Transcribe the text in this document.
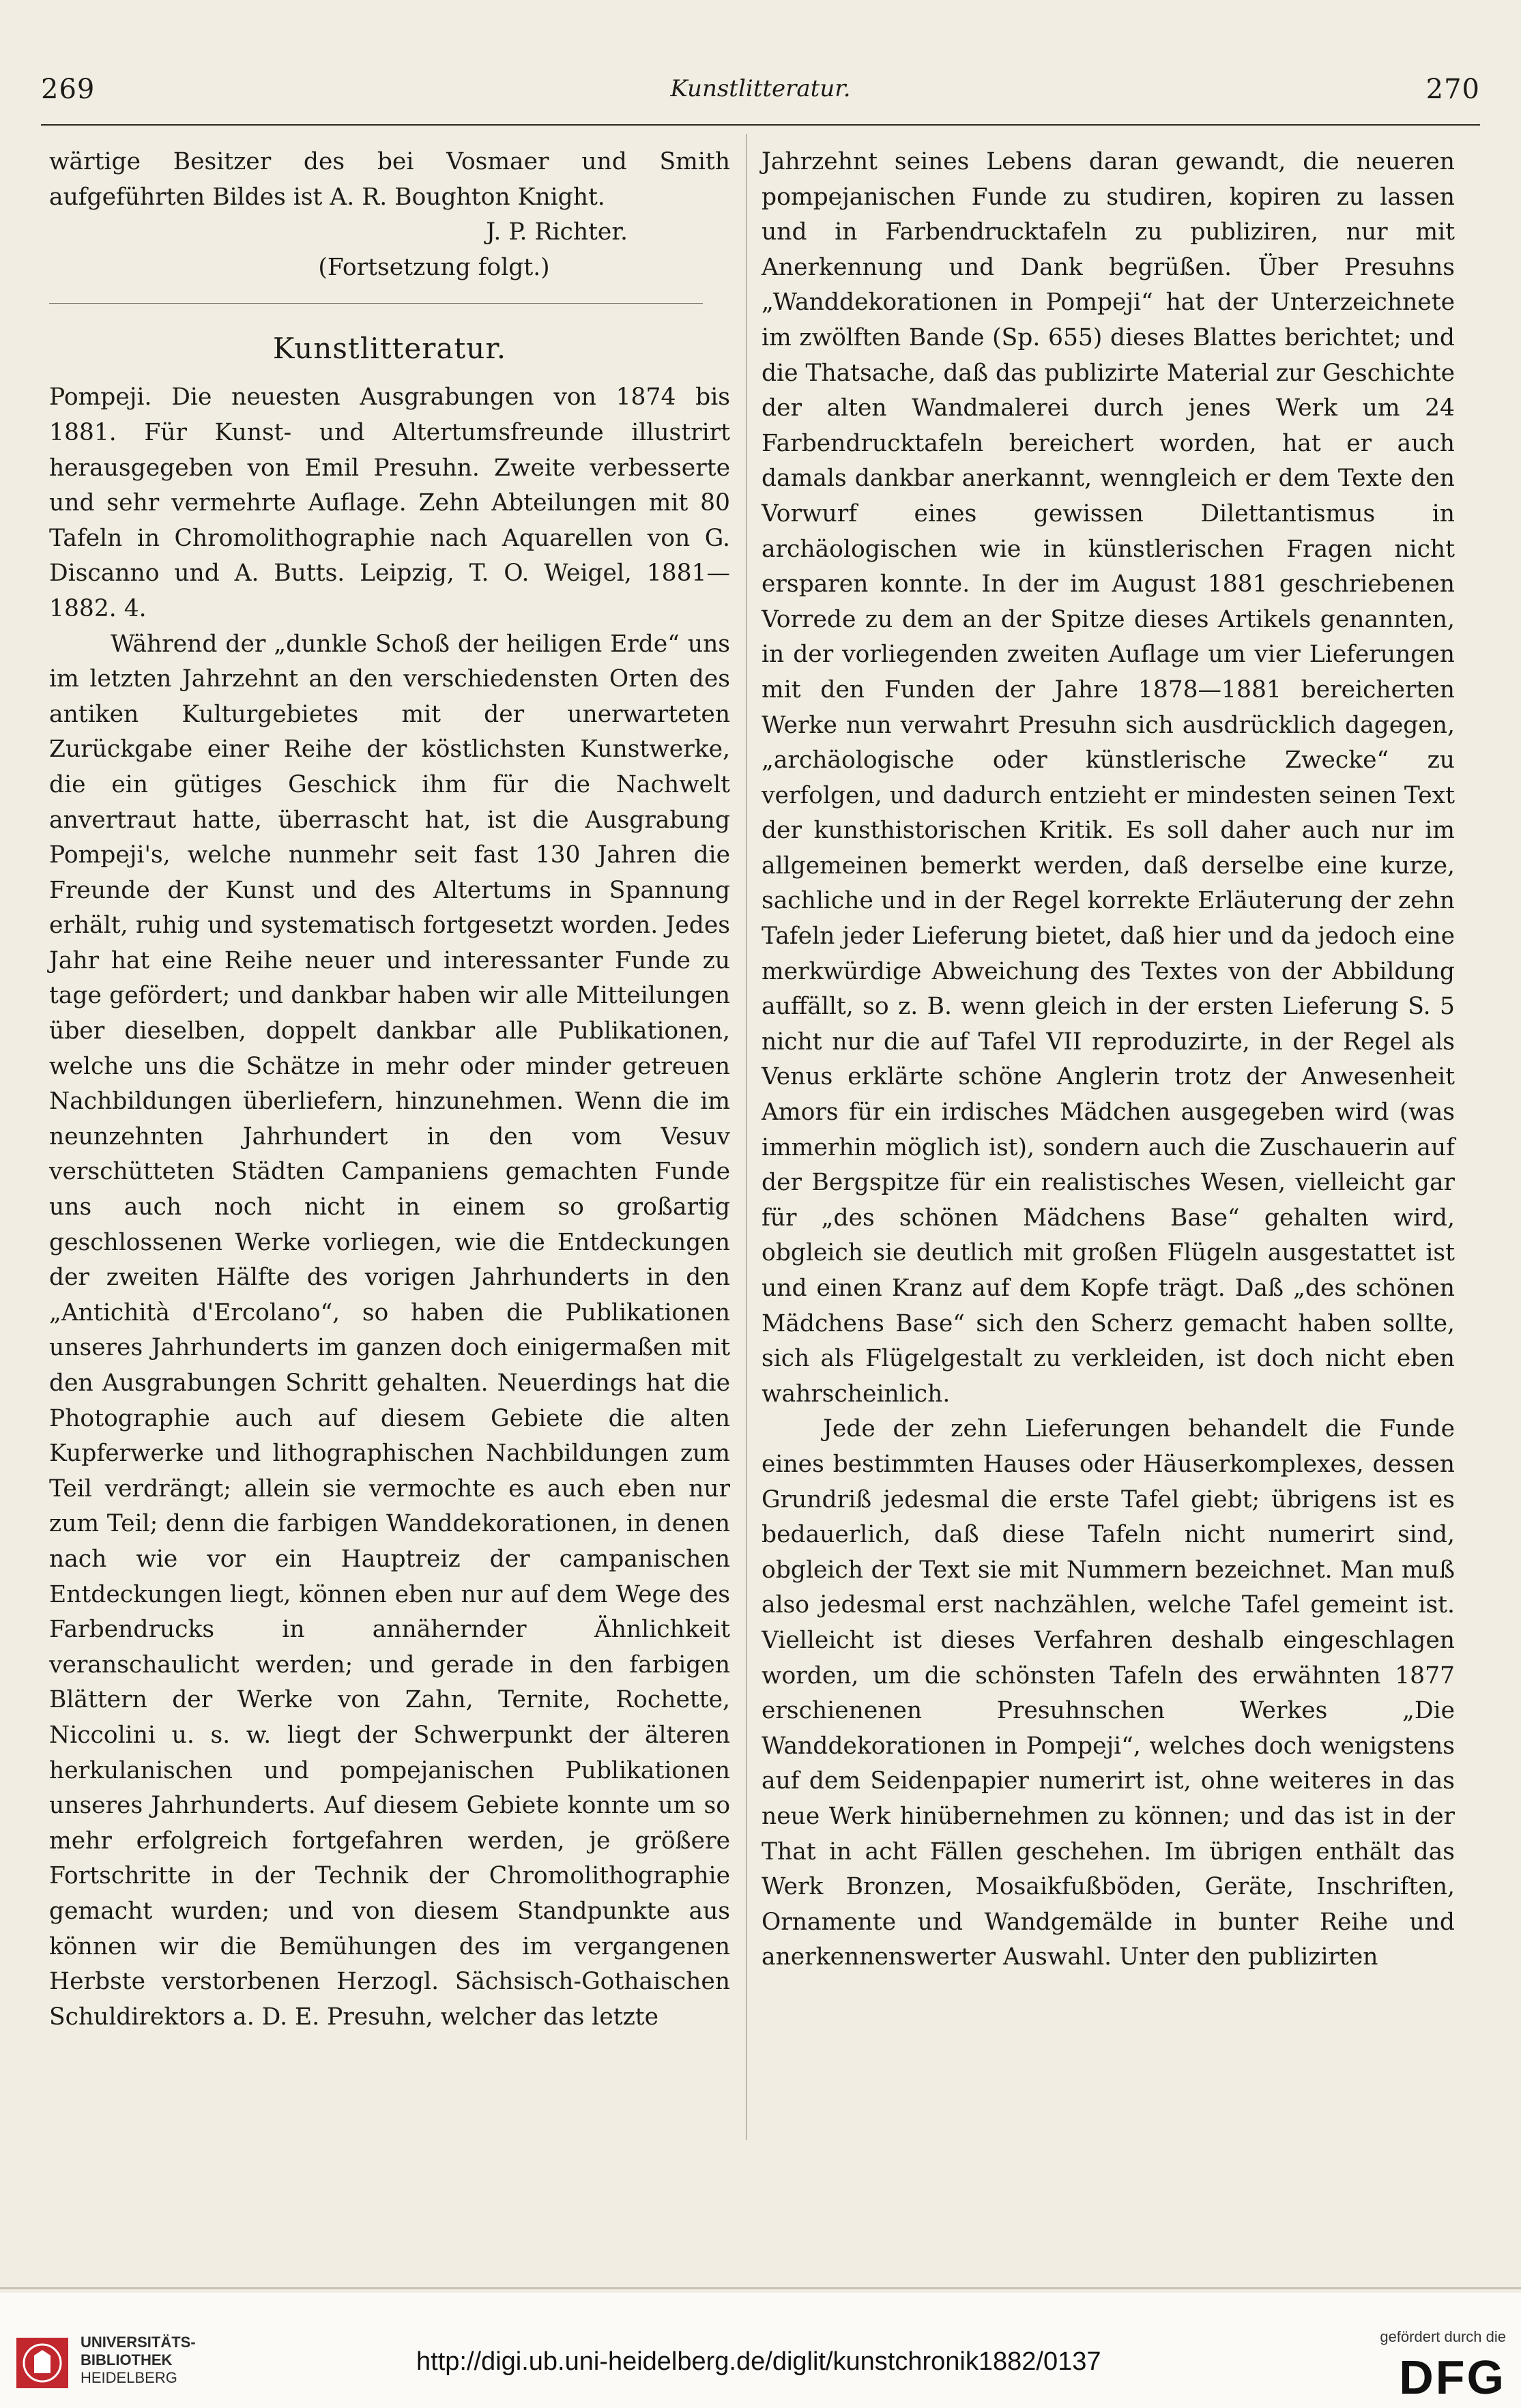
269	Kunstlitteratur.	270

wärtige Besitzer des bei Vosmaer und Smith aufgeführten Bildes ist A. R. Boughton Knight.

J. P. Richter.

(Fortsetzung folgt.)

Kunstlitteratur.

Pompeji. Die neuesten Ausgrabungen von 1874 bis 1881. Für Kunst- und Altertumsfreunde illustrirt herausgegeben von Emil Presuhn. Zweite verbesserte und sehr vermehrte Auflage. Zehn Abteilungen mit 80 Tafeln in Chromolithographie nach Aquarellen von G. Discanno und A. Butts. Leipzig, T. O. Weigel, 1881—1882. 4.

Während der „dunkle Schoß der heiligen Erde“ uns im letzten Jahrzehnt an den verschiedensten Orten des antiken Kulturgebietes mit der unerwarteten Zurückgabe einer Reihe der köstlichsten Kunstwerke, die ein gütiges Geschick ihm für die Nachwelt anvertraut hatte, überrascht hat, ist die Ausgrabung Pompeji's, welche nunmehr seit fast 130 Jahren die Freunde der Kunst und des Altertums in Spannung erhält, ruhig und systematisch fortgesetzt worden. Jedes Jahr hat eine Reihe neuer und interessanter Funde zu tage gefördert; und dankbar haben wir alle Mitteilungen über dieselben, doppelt dankbar alle Publikationen, welche uns die Schätze in mehr oder minder getreuen Nachbildungen überliefern, hinzunehmen. Wenn die im neunzehnten Jahrhundert in den vom Vesuv verschütteten Städten Campaniens gemachten Funde uns auch noch nicht in einem so großartig geschlossenen Werke vorliegen, wie die Entdeckungen der zweiten Hälfte des vorigen Jahrhunderts in den „Antichità d'Ercolano“, so haben die Publikationen unseres Jahrhunderts im ganzen doch einigermaßen mit den Ausgrabungen Schritt gehalten. Neuerdings hat die Photographie auch auf diesem Gebiete die alten Kupferwerke und lithographischen Nachbildungen zum Teil verdrängt; allein sie vermochte es auch eben nur zum Teil; denn die farbigen Wanddekorationen, in denen nach wie vor ein Hauptreiz der campanischen Entdeckungen liegt, können eben nur auf dem Wege des Farbendrucks in annähernder Ähnlichkeit veranschaulicht werden; und gerade in den farbigen Blättern der Werke von Zahn, Ternite, Rochette, Niccolini u. s. w. liegt der Schwerpunkt der älteren herkulanischen und pompejanischen Publikationen unseres Jahrhunderts. Auf diesem Gebiete konnte um so mehr erfolgreich fortgefahren werden, je größere Fortschritte in der Technik der Chromolithographie gemacht wurden; und von diesem Standpunkte aus können wir die Bemühungen des im vergangenen Herbste verstorbenen Herzogl. Sächsisch-Gothaischen Schuldirektors a. D. E. Presuhn, welcher das letzte

Jahrzehnt seines Lebens daran gewandt, die neueren pompejanischen Funde zu studiren, kopiren zu lassen und in Farbendrucktafeln zu publiziren, nur mit Anerkennung und Dank begrüßen. Über Presuhns „Wanddekorationen in Pompeji“ hat der Unterzeichnete im zwölften Bande (Sp. 655) dieses Blattes berichtet; und die Thatsache, daß das publizirte Material zur Geschichte der alten Wandmalerei durch jenes Werk um 24 Farbendrucktafeln bereichert worden, hat er auch damals dankbar anerkannt, wenngleich er dem Texte den Vorwurf eines gewissen Dilettantismus in archäologischen wie in künstlerischen Fragen nicht ersparen konnte. In der im August 1881 geschriebenen Vorrede zu dem an der Spitze dieses Artikels genannten, in der vorliegenden zweiten Auflage um vier Lieferungen mit den Funden der Jahre 1878—1881 bereicherten Werke nun verwahrt Presuhn sich ausdrücklich dagegen, „archäologische oder künstlerische Zwecke“ zu verfolgen, und dadurch entzieht er mindesten seinen Text der kunsthistorischen Kritik. Es soll daher auch nur im allgemeinen bemerkt werden, daß derselbe eine kurze, sachliche und in der Regel korrekte Erläuterung der zehn Tafeln jeder Lieferung bietet, daß hier und da jedoch eine merkwürdige Abweichung des Textes von der Abbildung auffällt, so z. B. wenn gleich in der ersten Lieferung S. 5 nicht nur die auf Tafel VII reproduzirte, in der Regel als Venus erklärte schöne Anglerin trotz der Anwesenheit Amors für ein irdisches Mädchen ausgegeben wird (was immerhin möglich ist), sondern auch die Zuschauerin auf der Bergspitze für ein realistisches Wesen, vielleicht gar für „des schönen Mädchens Base“ gehalten wird, obgleich sie deutlich mit großen Flügeln ausgestattet ist und einen Kranz auf dem Kopfe trägt. Daß „des schönen Mädchens Base“ sich den Scherz gemacht haben sollte, sich als Flügelgestalt zu verkleiden, ist doch nicht eben wahrscheinlich.

Jede der zehn Lieferungen behandelt die Funde eines bestimmten Hauses oder Häuserkomplexes, dessen Grundriß jedesmal die erste Tafel giebt; übrigens ist es bedauerlich, daß diese Tafeln nicht numerirt sind, obgleich der Text sie mit Nummern bezeichnet. Man muß also jedesmal erst nachzählen, welche Tafel gemeint ist. Vielleicht ist dieses Verfahren deshalb eingeschlagen worden, um die schönsten Tafeln des erwähnten 1877 erschienenen Presuhnschen Werkes „Die Wanddekorationen in Pompeji“, welches doch wenigstens auf dem Seidenpapier numerirt ist, ohne weiteres in das neue Werk hinübernehmen zu können; und das ist in der That in acht Fällen geschehen. Im übrigen enthält das Werk Bronzen, Mosaikfußböden, Geräte, Inschriften, Ornamente und Wandgemälde in bunter Reihe und anerkennenswerter Auswahl. Unter den publizirten

UNIVERSITÄTS-
BIBLIOTHEK
HEIDELBERG
http://digi.ub.uni-heidelberg.de/diglit/kunstchronik1882/0137
gefördert durch die
DFG
